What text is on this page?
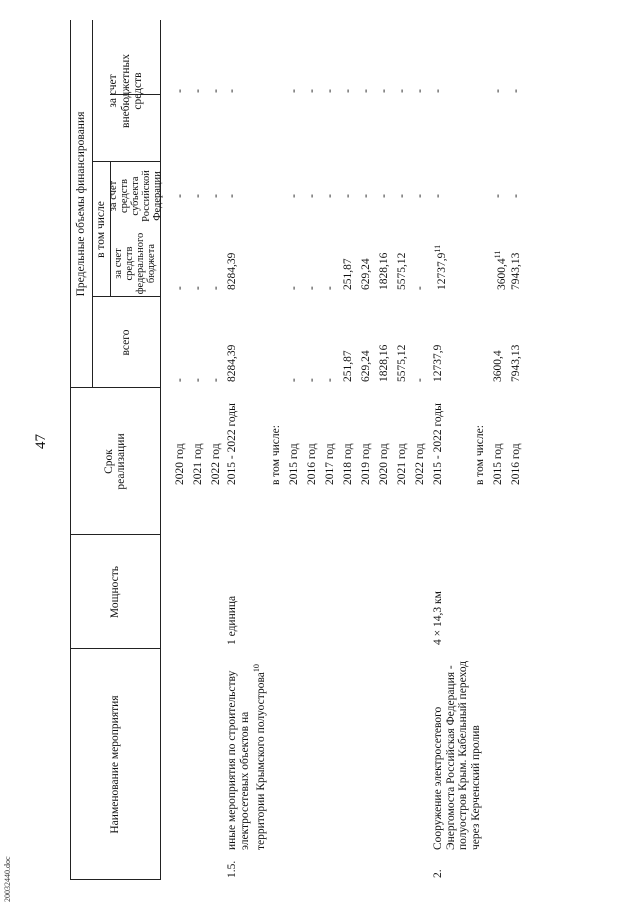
47
20032440.doc
Наименование мероприятия
Мощность
Срок
реализации
Предельные объемы финансирования
всего
в том числе
за счет
средств
федерального
бюджета
за счет
средств субъекта
Российской
Федерации
за счет
внебюджетных
средств
2020 год
-
-
-
-
2021 год
-
-
-
-
2022 год
-
-
-
-
1.5.
иные мероприятия по строительству электросетевых объектов на территории Крымского полуострова$^{10}$
1 единица
2015 - 2022 годы
8284,39
8284,39
-
-
в том числе: 2015 год
-
-
-
-
2016 год
-
-
-
-
2017 год
-
-
-
-
2018 год
251,87
251,87
-
-
2019 год
629,24
629,24
-
-
2020 год
1828,16
1828,16
-
-
2021 год
5575,12
5575,12
-
-
2022 год
-
-
-
-
2.
Сооружение электросетевого Энергомоста Российская Федерация - полуостров Крым. Кабельный переход через Керченский пролив
4 × 14,3 км
2015 - 2022 годы
12737,9
12737,9$^{11}$
-
-
в том числе: 2015 год
3600,4
3600,4$^{11}$
-
-
2016 год
7943,13
7943,13
-
-
